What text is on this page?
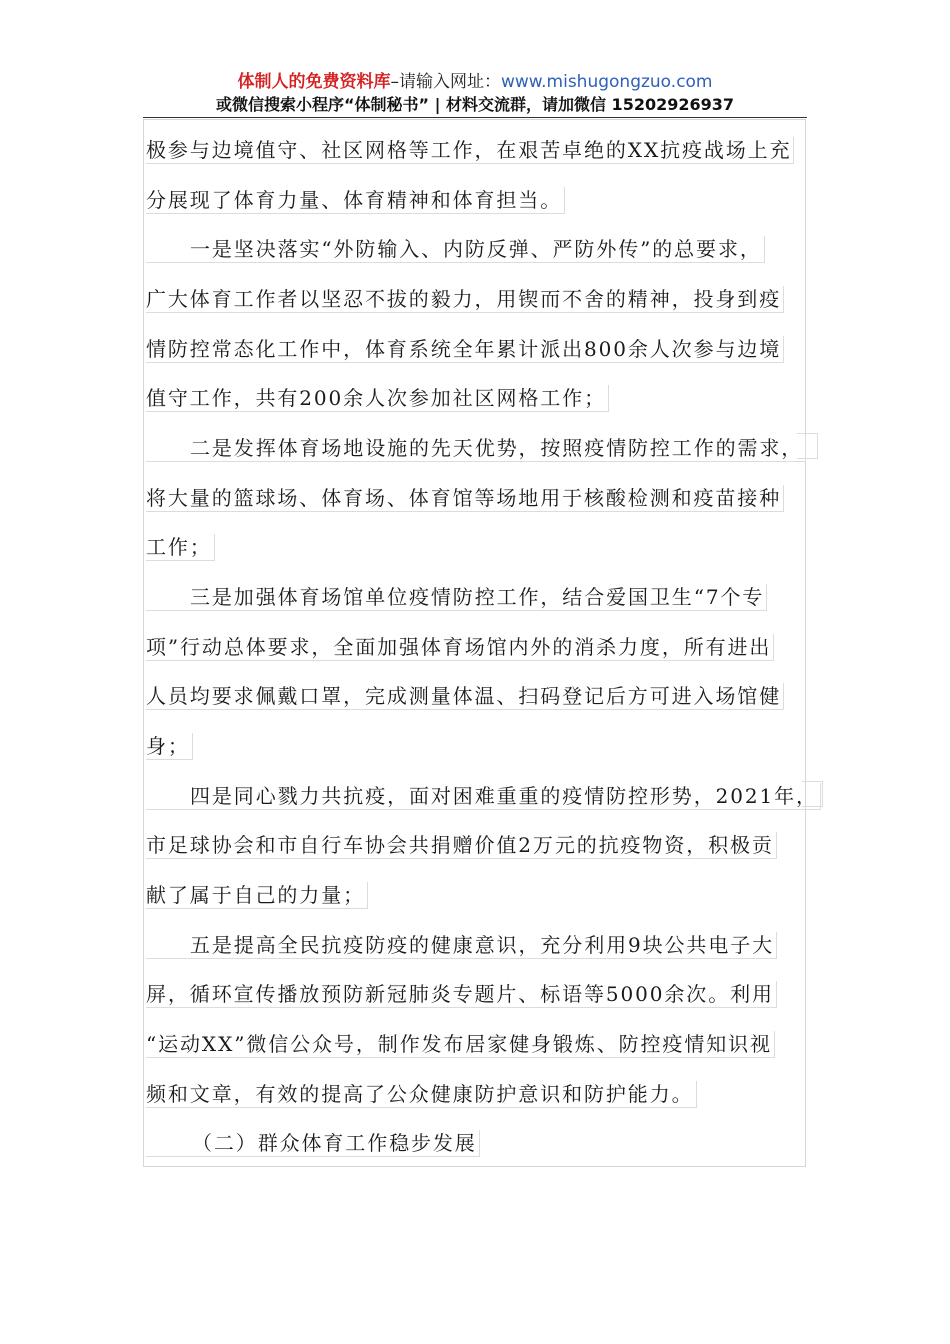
体制人的免费资料库–请输入网址：www.mishugongzuo.com
或微信搜索小程序“体制秘书” | 材料交流群，请加微信 15202926937
极参与边境值守、社区网格等工作，在艰苦卓绝的XX抗疫战场上充
分展现了体育力量、体育精神和体育担当。
一是坚决落实“外防输入、内防反弹、严防外传”的总要求，
广大体育工作者以坚忍不拔的毅力，用锲而不舍的精神，投身到疫
情防控常态化工作中，体育系统全年累计派出800余人次参与边境
值守工作，共有200余人次参加社区网格工作；
二是发挥体育场地设施的先天优势，按照疫情防控工作的需求，
将大量的篮球场、体育场、体育馆等场地用于核酸检测和疫苗接种
工作；
三是加强体育场馆单位疫情防控工作，结合爱国卫生“7个专
项”行动总体要求，全面加强体育场馆内外的消杀力度，所有进出
人员均要求佩戴口罩，完成测量体温、扫码登记后方可进入场馆健
身；
四是同心戮力共抗疫，面对困难重重的疫情防控形势，2021年，
市足球协会和市自行车协会共捐赠价值2万元的抗疫物资，积极贡
献了属于自己的力量；
五是提高全民抗疫防疫的健康意识，充分利用9块公共电子大
屏，循环宣传播放预防新冠肺炎专题片、标语等5000余次。利用
“运动XX”微信公众号，制作发布居家健身锻炼、防控疫情知识视
频和文章，有效的提高了公众健康防护意识和防护能力。
（二）群众体育工作稳步发展
